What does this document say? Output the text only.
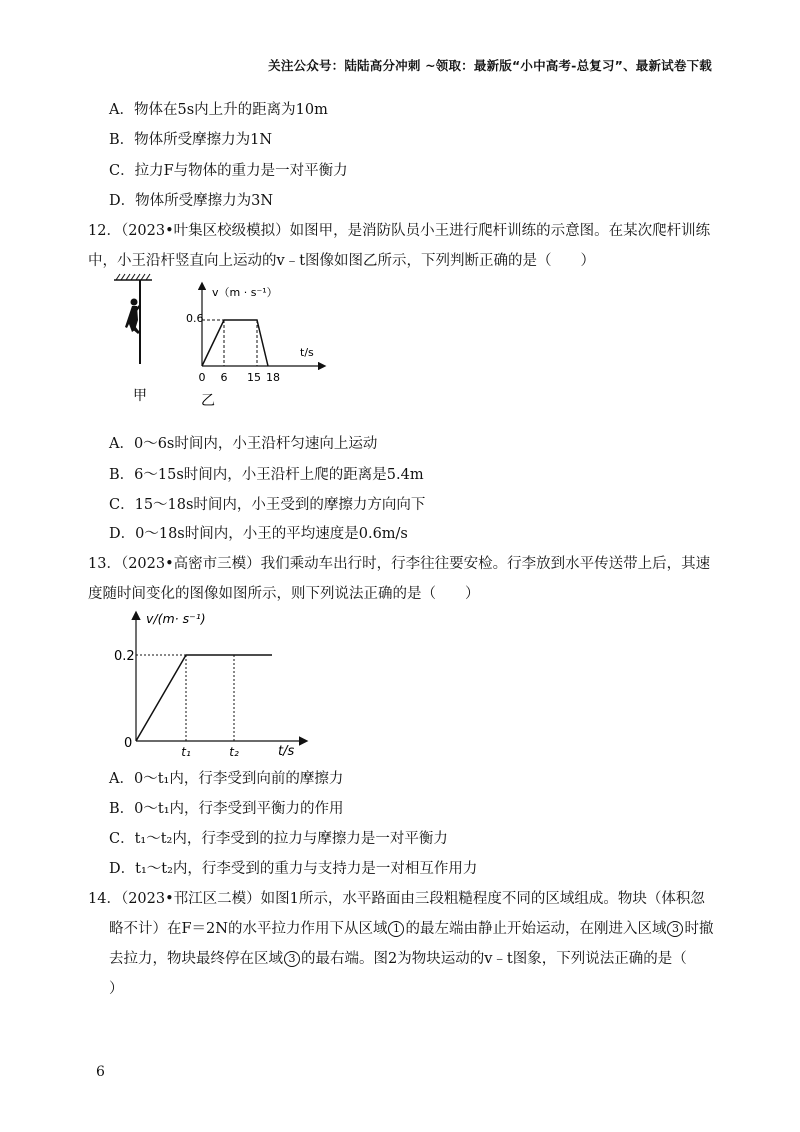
关注公众号：陆陆高分冲刺 ~领取：最新版“小中高考-总复习”、最新试卷下载
A．物体在5s内上升的距离为10m
B．物体所受摩擦力为1N
C．拉力F与物体的重力是一对平衡力
D．物体所受摩擦力为3N
12．（2023•叶集区校级模拟）如图甲，是消防队员小王进行爬杆训练的示意图。在某次爬杆训练
中，小王沿杆竖直向上运动的v﹣t图像如图乙所示，下列判断正确的是（　　）
甲
v（m · s⁻¹）
t/s
0.6
0 6 15 18
乙
A．0～6s时间内，小王沿杆匀速向上运动
B．6～15s时间内，小王沿杆上爬的距离是5.4m
C．15～18s时间内，小王受到的摩擦力方向向下
D．0～18s时间内，小王的平均速度是0.6m/s
13．（2023•高密市三模）我们乘动车出行时，行李往往要安检。行李放到水平传送带上后，其速
度随时间变化的图像如图所示，则下列说法正确的是（　　）
v/(m· s⁻¹)
t/s
0.2
0
t₁	t₂
A．0～t₁内，行李受到向前的摩擦力
B．0～t₁内，行李受到平衡力的作用
C．t₁～t₂内，行李受到的拉力与摩擦力是一对平衡力
D．t₁～t₂内，行李受到的重力与支持力是一对相互作用力
14．（2023•邗江区二模）如图1所示，水平路面由三段粗糙程度不同的区域组成。物块（体积忽
略不计）在F＝2N的水平拉力作用下从区域 1 的最左端由静止开始运动，在刚进入区域 3 时撤
去拉力，物块最终停在区域 3 的最右端。图2为物块运动的v﹣t图象，下列说法正确的是（
）
6
